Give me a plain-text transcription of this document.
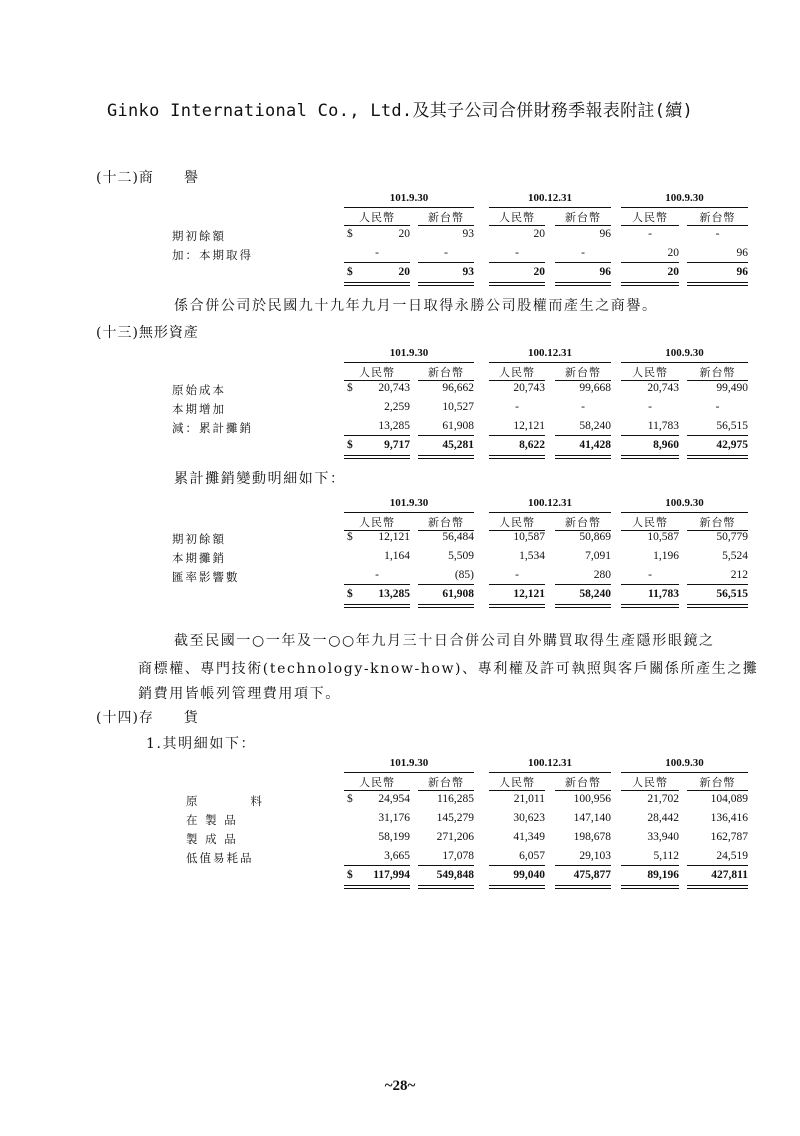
Ginko International Co., Ltd.及其子公司合併財務季報表附註(續)
(十二)商　　譽
係合併公司於民國九十九年九月一日取得永勝公司股權而產生之商譽。
(十三)無形資產
累計攤銷變動明細如下：
截至民國一○一年及一○○年九月三十日合併公司自外購買取得生產隱形眼鏡之
商標權、專門技術(technology-know-how)、專利權及許可執照與客戶關係所產生之攤
銷費用皆帳列管理費用項下。
(十四)存　　貨
1.其明細如下：
~28~
101.9.30	100.12.31	100.9.30
人民幣	新台幣	人民幣	新台幣	人民幣	新台幣
期初餘額	$	20	93	20	96	-	-
加：本期取得	-	-	-	-	20	96
$	20	93	20	96	20	96
101.9.30	100.12.31	100.9.30
人民幣	新台幣	人民幣	新台幣	人民幣	新台幣
原始成本	$	20,743	96,662	20,743	99,668	20,743	99,490
本期增加	2,259	10,527	-	-	-	-
減：累計攤銷	13,285	61,908	12,121	58,240	11,783	56,515
$	9,717	45,281	8,622	41,428	8,960	42,975
101.9.30	100.12.31	100.9.30
人民幣	新台幣	人民幣	新台幣	人民幣	新台幣
期初餘額	$	12,121	56,484	10,587	50,869	10,587	50,779
本期攤銷	1,164	5,509	1,534	7,091	1,196	5,524
匯率影響數	-	(85)	-	280	-	212
$	13,285	61,908	12,121	58,240	11,783	56,515
101.9.30	100.12.31	100.9.30
人民幣	新台幣	人民幣	新台幣	人民幣	新台幣
原　　料	$	24,954	116,285	21,011	100,956	21,702	104,089
在 製 品	31,176	145,279	30,623	147,140	28,442	136,416
製 成 品	58,199	271,206	41,349	198,678	33,940	162,787
低值易耗品	3,665	17,078	6,057	29,103	5,112	24,519
$	117,994	549,848	99,040	475,877	89,196	427,811
